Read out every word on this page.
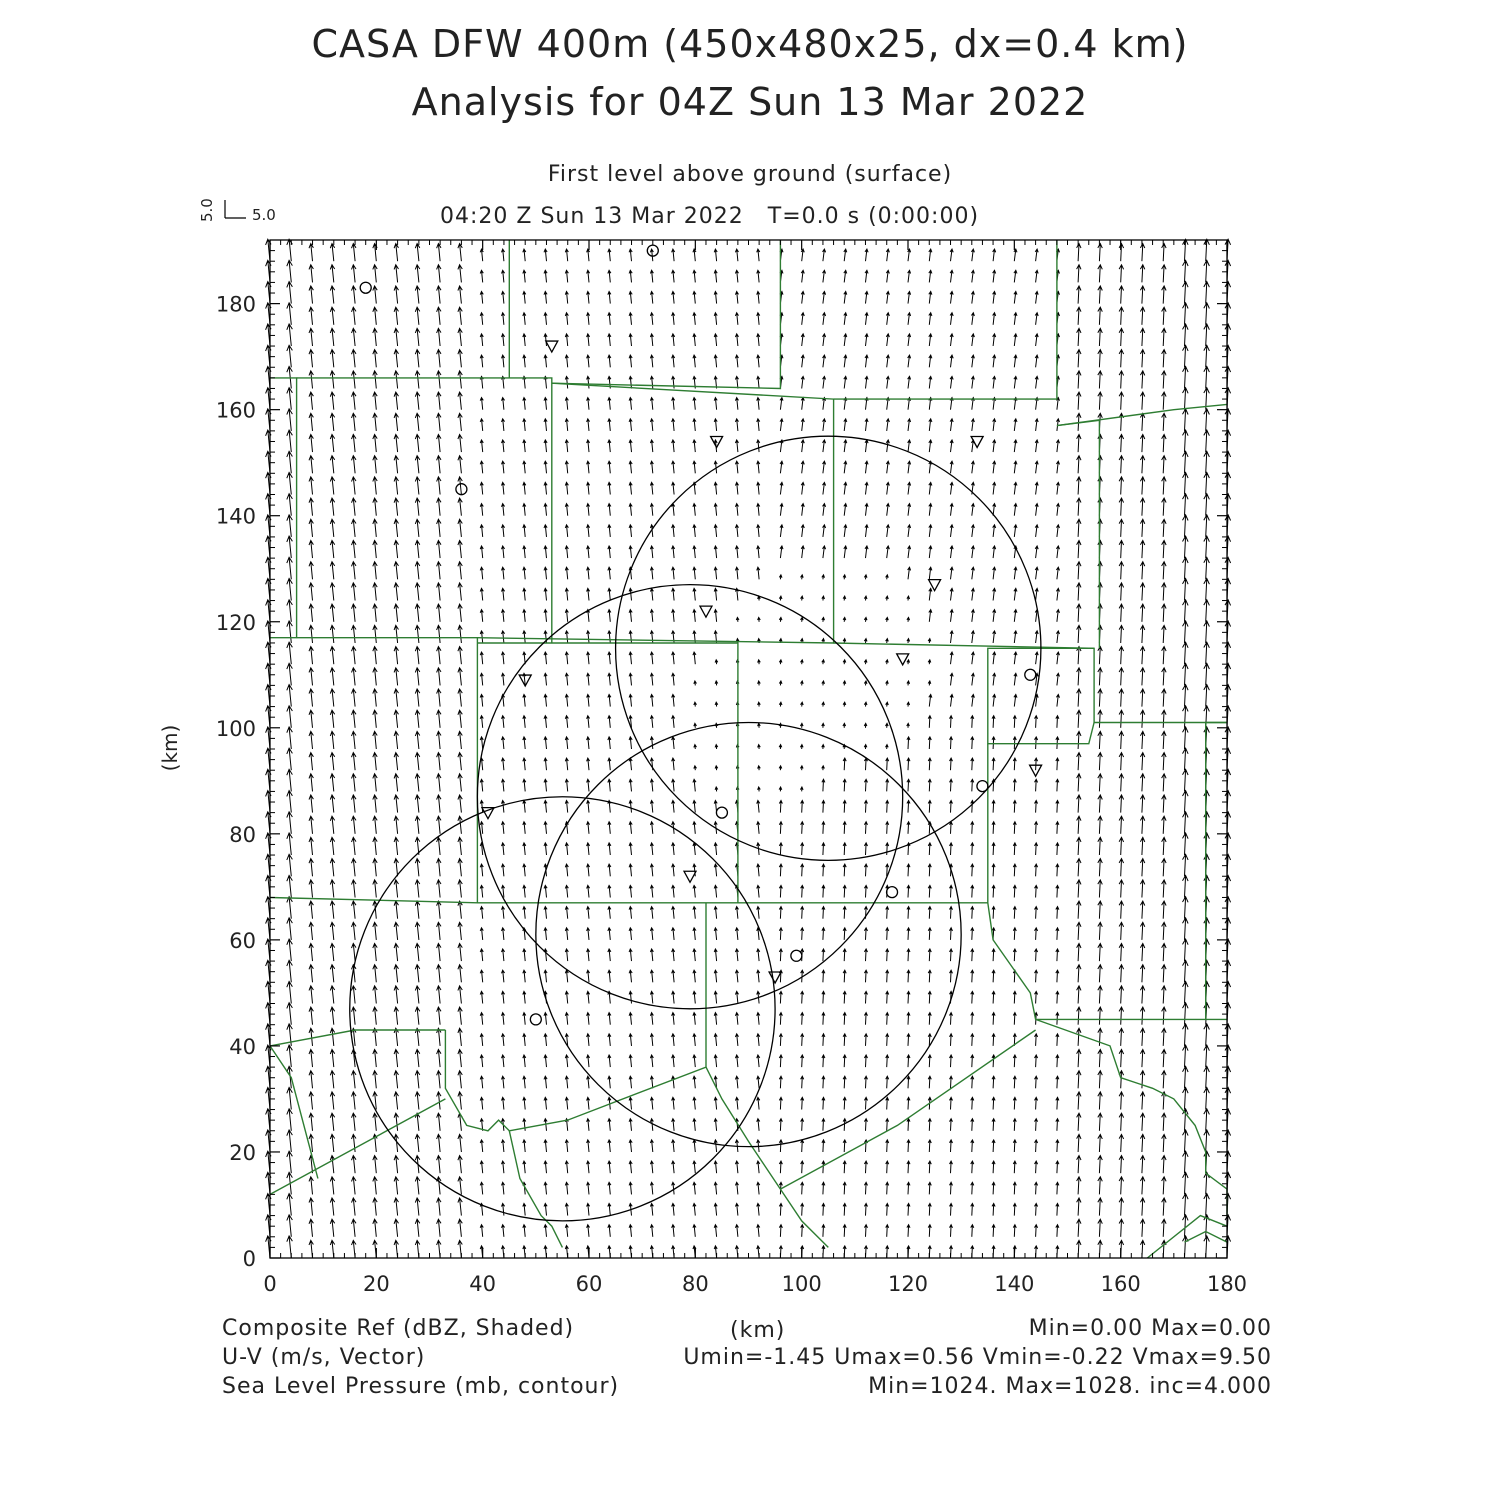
CASA DFW 400m (450x480x25, dx=0.4 km)
Analysis for 04Z Sun 13 Mar 2022
First level above ground (surface)
04:20 Z Sun 13 Mar 2022   T=0.0 s (0:00:00)
5.0 5.0
(km)
0	20	40	60	80	100	120	140	160	180
0
20
40
60
80
100
120
140
160
180
Composite Ref (dBZ, Shaded)	(km)	Min=0.00 Max=0.00
U-V (m/s, Vector)	Umin=-1.45 Umax=0.56 Vmin=-0.22 Vmax=9.50
Sea Level Pressure (mb, contour)	Min=1024. Max=1028. inc=4.000
